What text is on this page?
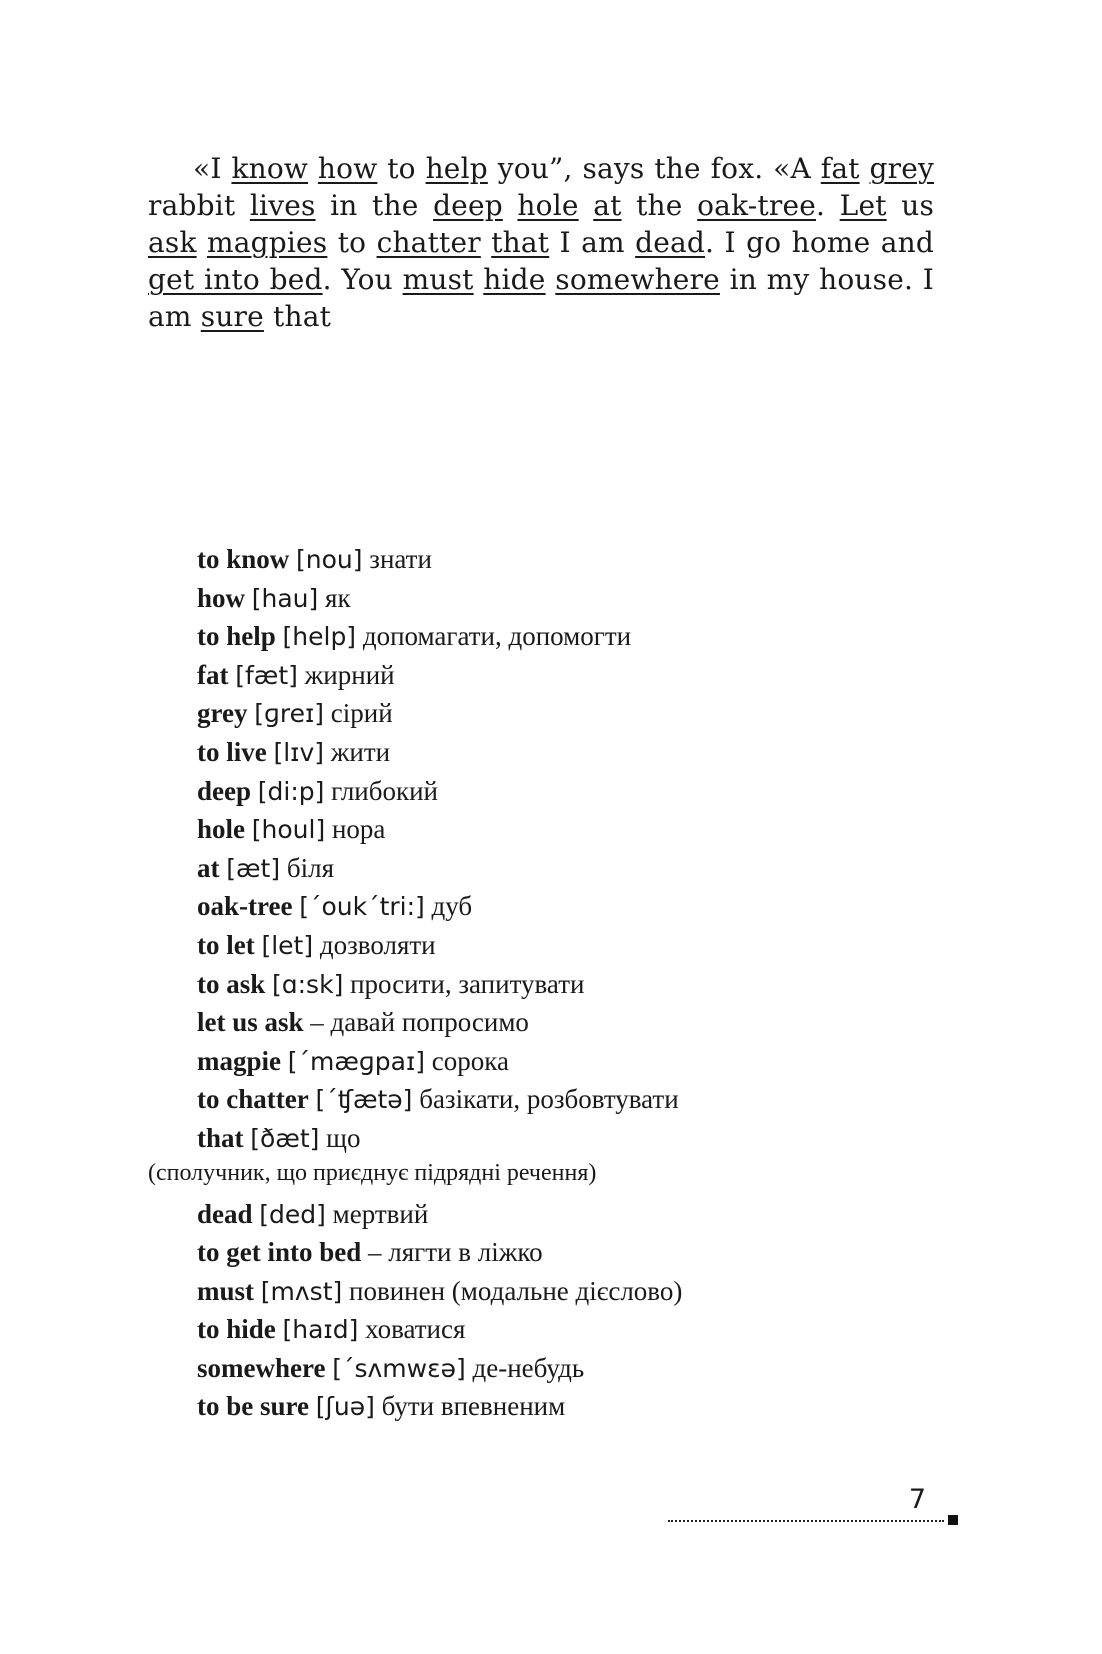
«I know how to help you”, says the fox. «A fat grey rabbit lives in the deep hole at the oak-tree. Let us ask magpies to chatter that I am dead. I go home and get into bed. You must hide somewhere in my house. I am sure that

to know [nou] знати
how [hau] як
to help [help] допомагати, допомогти
fat [fæt] жирний
grey [ɡreɪ] сірий
to live [lɪv] жити
deep [di:p] глибокий
hole [houl] нора
at [æt] біля
oak-tree [΄ouk΄tri:] дуб
to let [let] дозволяти
to ask [ɑ:sk] просити, запитувати
let us ask – давай попросимо
magpie [΄mæɡpaɪ] сорока
to chatter [΄ʧætə] базікати, розбовтувати
that [ðæt] що
(сполучник, що приєднує підрядні речення)
dead [ded] мертвий
to get into bed – лягти в ліжко
must [mʌst] повинен (модальне дієслово)
to hide [haɪd] ховатися
somewhere [΄sʌmwɛə] де-небудь
to be sure [ʃuə] бути впевненим
7
